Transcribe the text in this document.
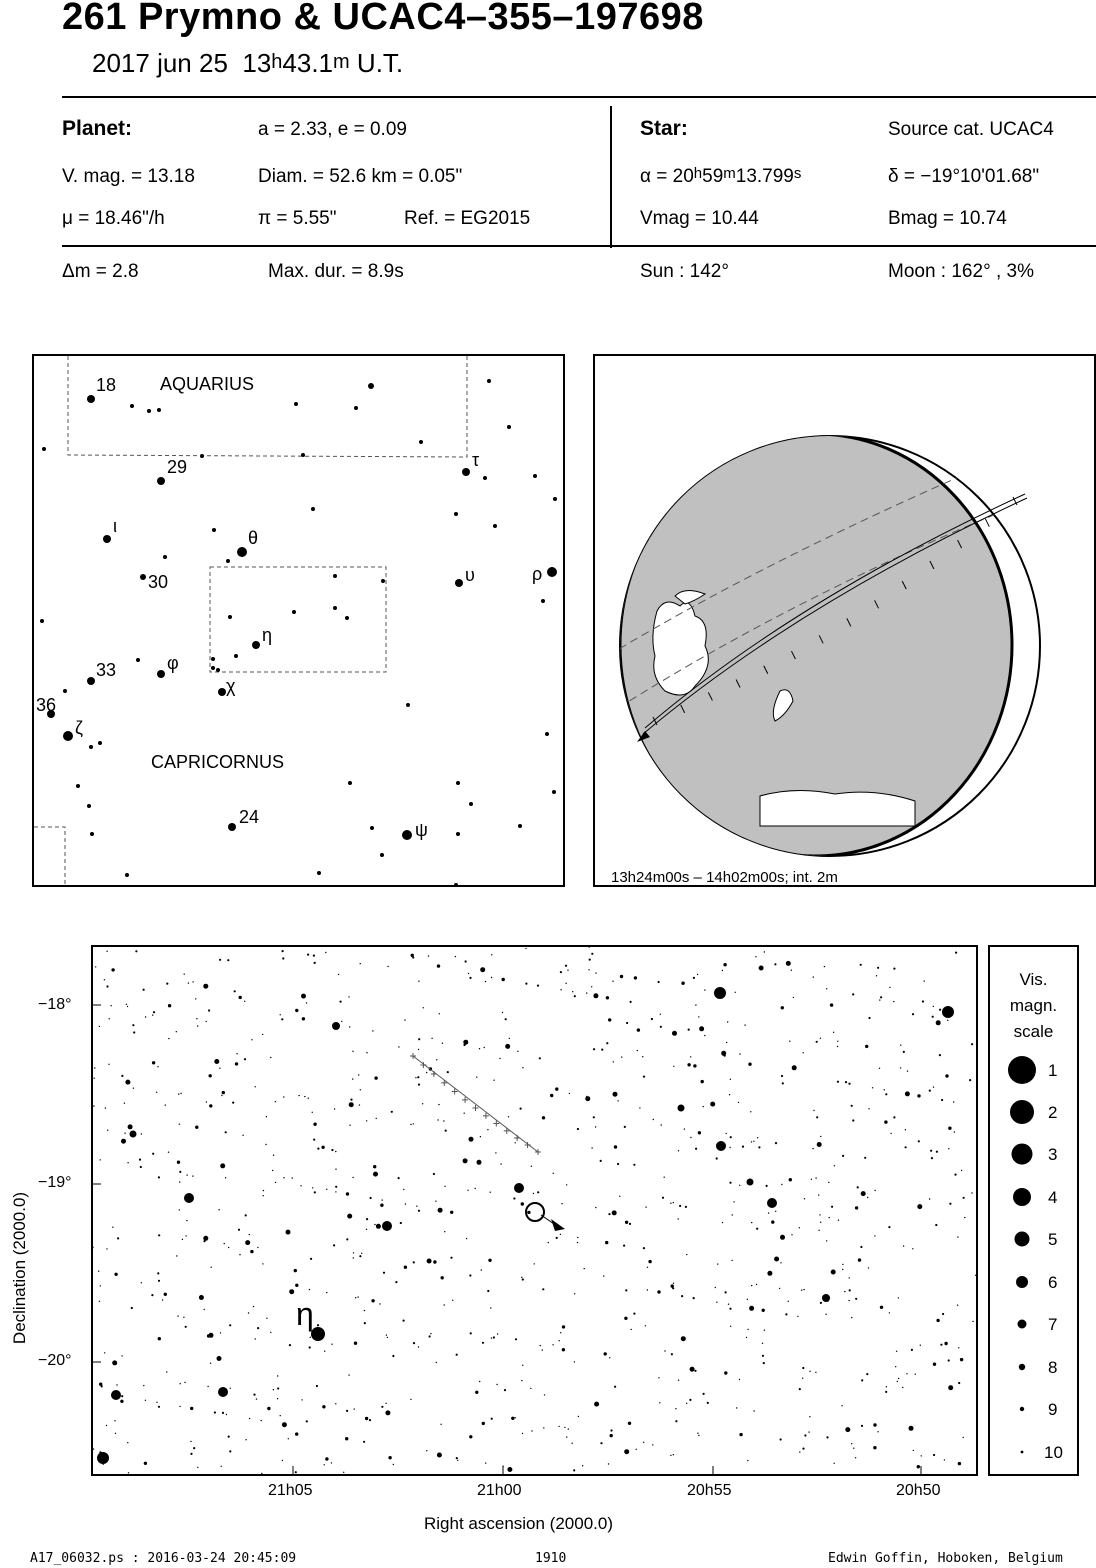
261 Prymno & UCAC4–355–197698
2017 jun 25 13$^h$43.1$^m$ U.T.
Planet:	a = 2.33, e = 0.09
V. mag. = 13.18	Diam. = 52.6 km = 0.05"
μ = 18.46"/h	π = 5.55"	Ref. = EG2015
Δm = 2.8	Max. dur. = 8.9s
Star:	Source cat. UCAC4
$\alpha = 20^h59^m13.799^s$	δ = −19°10'01.68"
Vmag = 10.44	Bmag = 10.74
Sun : 142°	Moon : 162° , 3%
AQUARIUS
CAPRICORNUS
18
29	τ
ι
θ
30	υ	ρ
η
33	φ
χ
36
ζ
24
ψ
13h24m00s – 14h02m00s; int. 2m
Declination (2000.0)	η
−18°
−19°
−20°
21h05	21h00	20h55	20h50
Right ascension (2000.0)
Vis.
magn.
scale
1
2
3
4
5
6
7
8
9
10
A17_06032.ps : 2016-03-24 20:45:09	1910	Edwin Goffin, Hoboken, Belgium
